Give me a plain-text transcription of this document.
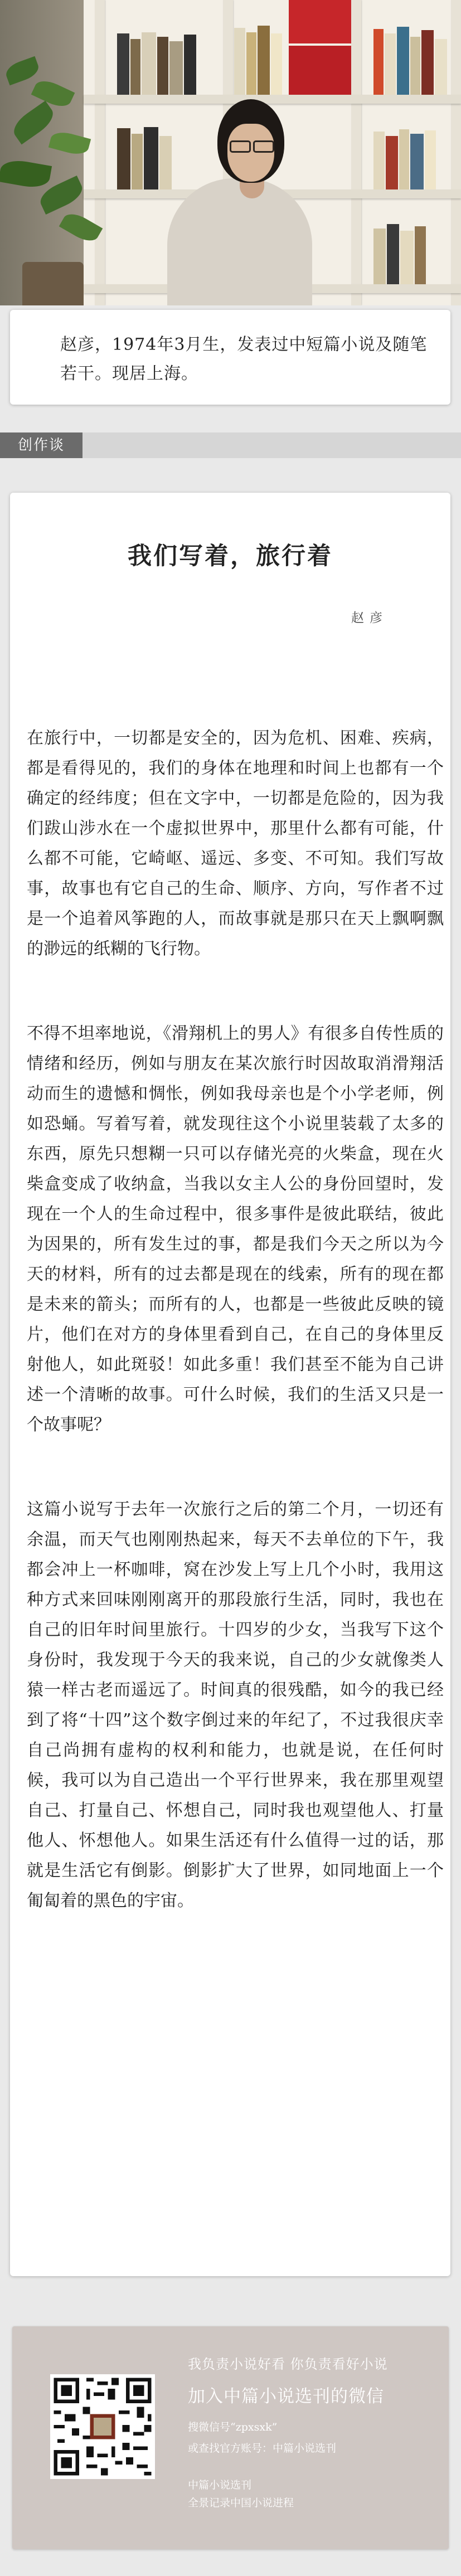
赵彦，1974年3月生，发表过中短篇小说及随笔若干。现居上海。

创作谈
我们写着，旅行着

赵彦

在旅行中，一切都是安全的，因为危机、困难、疾病，都是看得见的，我们的身体在地理和时间上也都有一个确定的经纬度；但在文字中，一切都是危险的，因为我们跋山涉水在一个虚拟世界中，那里什么都有可能，什么都不可能，它崎岖、遥远、多变、不可知。我们写故事，故事也有它自己的生命、顺序、方向，写作者不过是一个追着风筝跑的人，而故事就是那只在天上飘啊飘的渺远的纸糊的飞行物。

不得不坦率地说，《滑翔机上的男人》有很多自传性质的情绪和经历，例如与朋友在某次旅行时因故取消滑翔活动而生的遗憾和惆怅，例如我母亲也是个小学老师，例如恐蛹。写着写着，就发现往这个小说里装载了太多的东西，原先只想糊一只可以存储光亮的火柴盒，现在火柴盒变成了收纳盒，当我以女主人公的身份回望时，发现在一个人的生命过程中，很多事件是彼此联结，彼此为因果的，所有发生过的事，都是我们今天之所以为今天的材料，所有的过去都是现在的线索，所有的现在都是未来的箭头；而所有的人，也都是一些彼此反映的镜片，他们在对方的身体里看到自己，在自己的身体里反射他人，如此斑驳！如此多重！我们甚至不能为自己讲述一个清晰的故事。可什么时候，我们的生活又只是一个故事呢？

这篇小说写于去年一次旅行之后的第二个月，一切还有余温，而天气也刚刚热起来，每天不去单位的下午，我都会冲上一杯咖啡，窝在沙发上写上几个小时，我用这种方式来回味刚刚离开的那段旅行生活，同时，我也在自己的旧年时间里旅行。十四岁的少女，当我写下这个身份时，我发现于今天的我来说，自己的少女就像类人猿一样古老而遥远了。时间真的很残酷，如今的我已经到了将“十四”这个数字倒过来的年纪了，不过我很庆幸自己尚拥有虚构的权利和能力，也就是说，在任何时候，我可以为自己造出一个平行世界来，我在那里观望自己、打量自己、怀想自己，同时我也观望他人、打量他人、怀想他人。如果生活还有什么值得一过的话，那就是生活它有倒影。倒影扩大了世界，如同地面上一个匍匐着的黑色的宇宙。

我负责小说好看 你负责看好小说
加入中篇小说选刊的微信
搜微信号“zpxsxk”
或查找官方账号：中篇小说选刊
中篇小说选刊
全景记录中国小说进程
